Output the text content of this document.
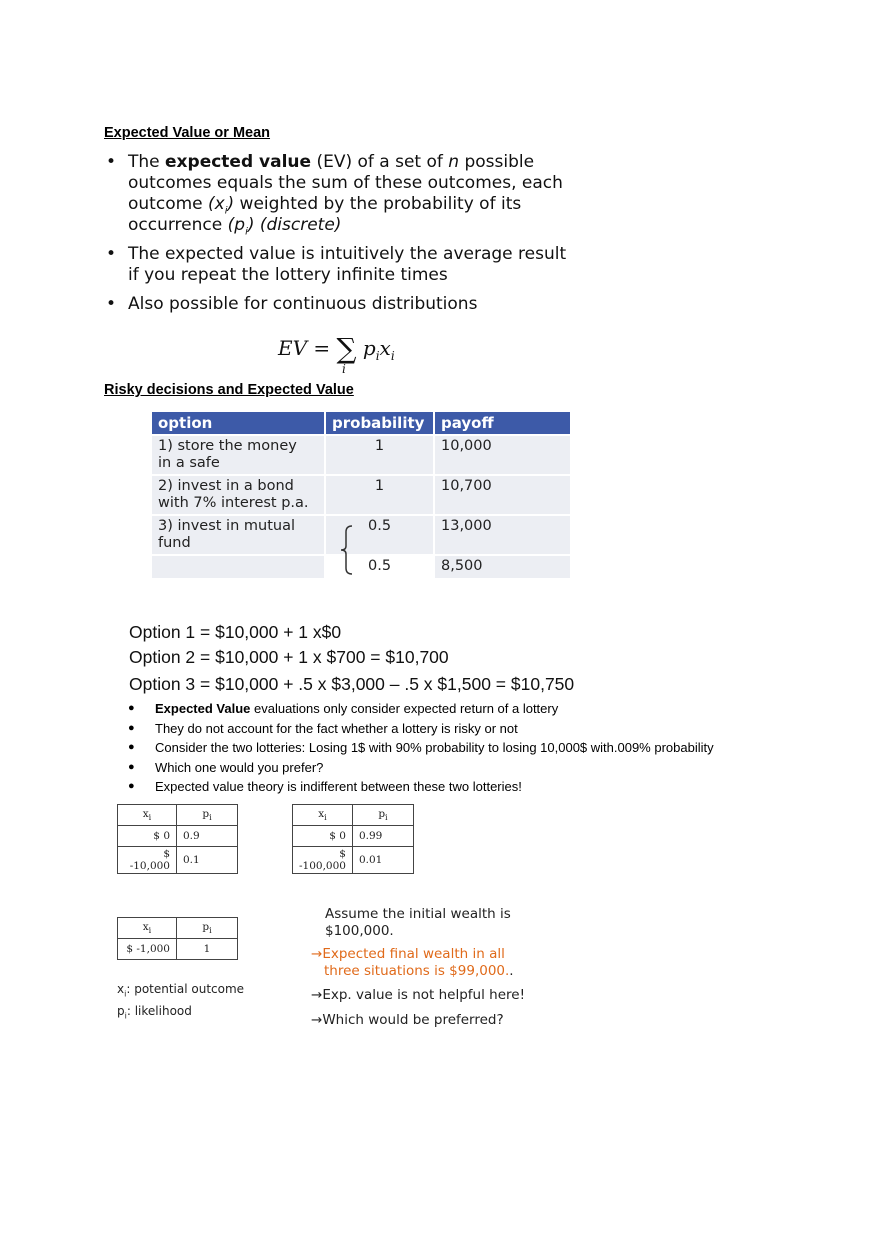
Expected Value or Mean
• The expected value (EV) of a set of n possible
outcomes equals the sum of these outcomes, each
outcome $(x_i)$ weighted by the probability of its
occurrence $(p_i)$ (discrete)
• The expected value is intuitively the average result
if you repeat the lottery infinite times
• Also possible for continuous distributions
EV = ∑ $p_ix_i$
i
Risky decisions and Expected Value
option	probability	payoff
1) store the money
in a safe	1	10,000
2) invest in a bond
with 7% interest p.a.	1	10,700
3) invest in mutual
fund	0.5	13,000
	0.5	8,500
Option 1 = $10,000 + 1 x$0
Option 2 = $10,000 + 1 x $700 = $10,700
Option 3 = $10,000 + .5 x $3,000 – .5 x $1,500 = $10,750
● Expected Value evaluations only consider expected return of a lottery
● They do not account for the fact whether a lottery is risky or not
● Consider the two lotteries: Losing 1$ with 90% probability to losing 10,000$ with.009% probability
● Which one would you prefer?
● Expected value theory is indifferent between these two lotteries!
$x_i$	$p_i$
$ 0	0.9
$ -10,000	0.1
$x_i$	$p_i$
$ 0	0.99
$ -100,000	0.01
$x_i$	$p_i$
$ -1,000	1
$x_i$: potential outcome
$p_i$: likelihood
Assume the initial wealth is
$100,000.
→Expected final wealth in all
three situations is $99,000..
→Exp. value is not helpful here!
→Which would be preferred?
